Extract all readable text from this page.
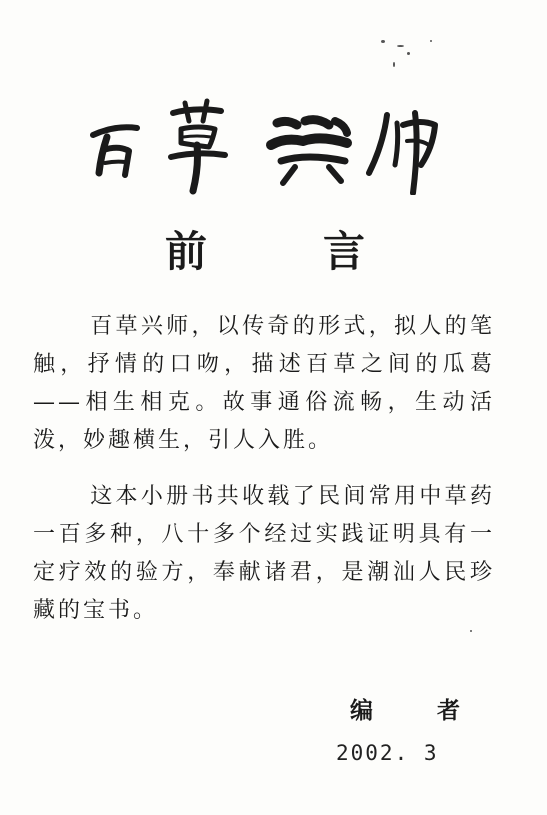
前	言

百草兴师，以传奇的形式，拟人的笔触，抒情的口吻，描述百草之间的瓜葛——相生相克。故事通俗流畅，生动活泼，妙趣横生，引人入胜。

这本小册书共收载了民间常用中草药一百多种，八十多个经过实践证明具有一定疗效的验方，奉献诸君，是潮汕人民珍藏的宝书。

编	者
2002. 3
